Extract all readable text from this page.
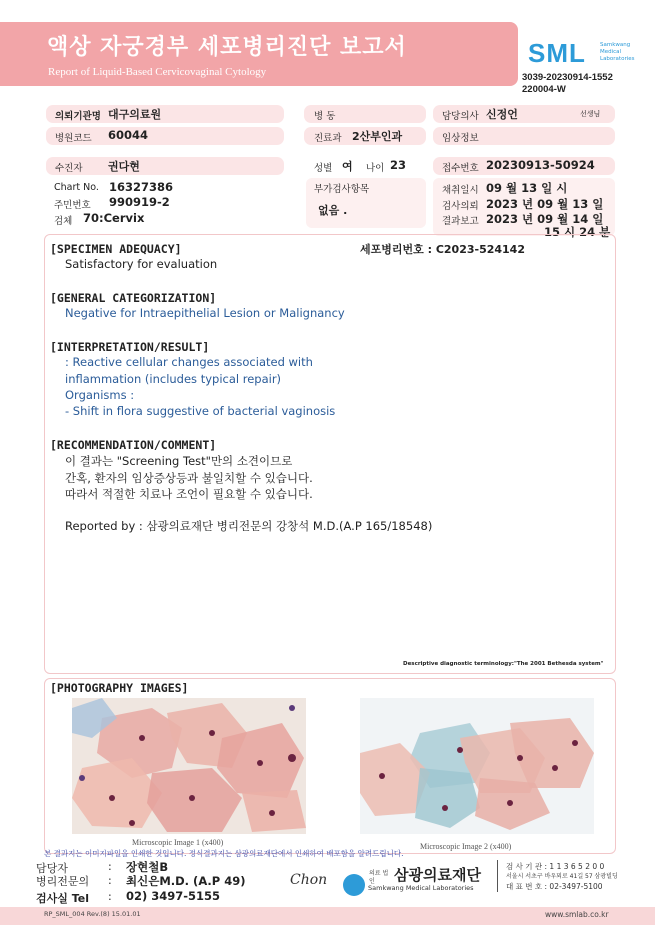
액상 자궁경부 세포병리진단 보고서
Report of Liquid-Based Cervicovaginal Cytology
SML	Samkwang
Medical
Laboratories
3039-20230914-1552
220004-W
의뢰기관명 대구의료원	병 동	담당의사 신정언	선생님
병원코드 60044	진료과 2산부인과	임상정보
수진자 권다현	성별 여 나이 23	접수번호 20230913-50924
Chart No. 16327386
주민번호 990919-2
검체 70:Cervix
부가검사항목
없음 .
채취일시 09 월 13 일 시
검사의뢰 2023 년 09 월 13 일
결과보고 2023 년 09 월 14 일
15 시 24 분
[SPECIMEN ADEQUACY]	세포병리번호 : C2023-524142
Satisfactory for evaluation
[GENERAL CATEGORIZATION]
Negative for Intraepithelial Lesion or Malignancy
[INTERPRETATION/RESULT]
: Reactive cellular changes associated with
inflammation (includes typical repair)
Organisms :
- Shift in flora suggestive of bacterial vaginosis
[RECOMMENDATION/COMMENT]
이 결과는 "Screening Test"만의 소견이므로
간혹, 환자의 임상증상등과 불일치할 수 있습니다.
따라서 적절한 치료나 조언이 필요할 수 있습니다.
Reported by : 삼광의료재단 병리전문의 강창석 M.D.(A.P 165/18548)
Descriptive diagnostic terminology:"The 2001 Bethesda system"
[PHOTOGRAPHY IMAGES]
Microscopic Image 1 (x400)	Microscopic Image 2 (x400)
본 결과지는 이미지파일을 인쇄한 것입니다. 정식결과지는 삼광의료재단에서 인쇄하여 배포함을 알려드립니다.
담당자	: 장현철B
병리전문의 : 최신은M.D. (A.P 49)
검사실 Tel : 02) 3497-5155
Chon	의료 법인	삼광의료재단
Samkwang Medical Laboratories
검 사 기 관 : 1 1 3 6 5 2 0 0
서울시 서초구 바우뫼로 41길 57 삼광빌딩
대 표 번 호 : 02-3497-5100
RP_SML_004 Rev.(8) 15.01.01	www.smlab.co.kr
